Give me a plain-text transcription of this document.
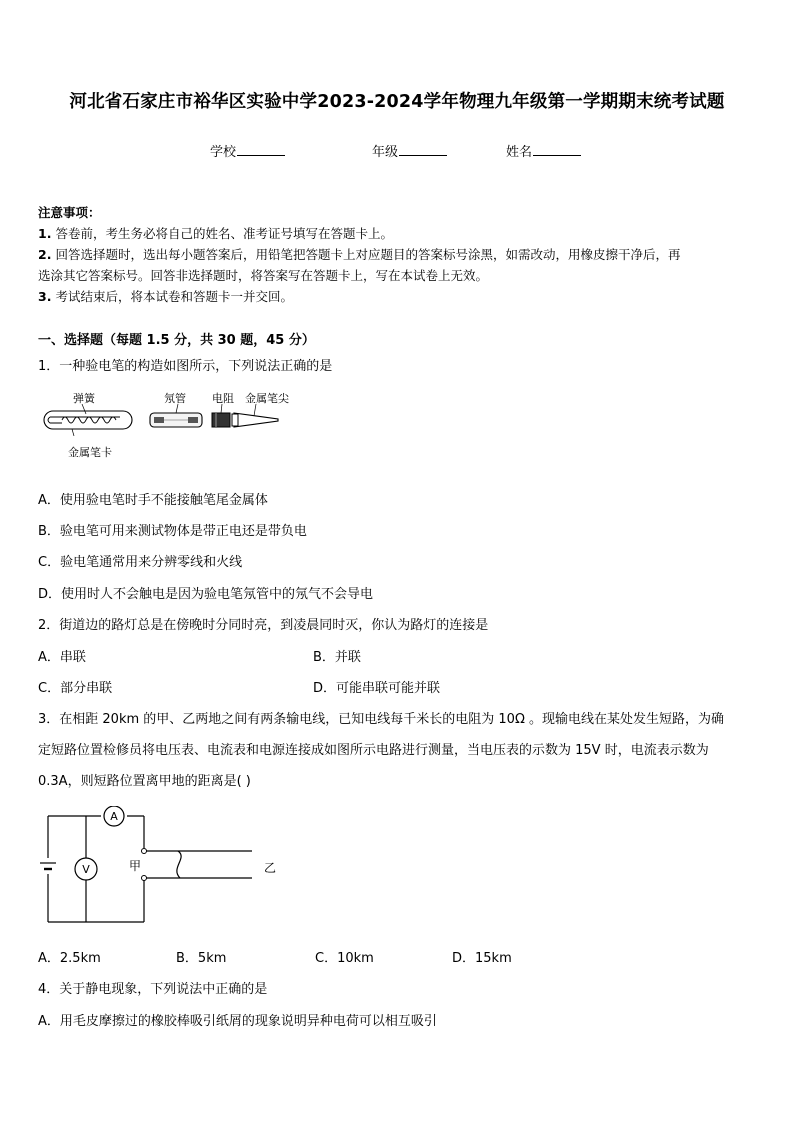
河北省石家庄市裕华区实验中学2023-2024学年物理九年级第一学期期末统考试题
学校	年级	姓名
注意事项：
1. 答卷前，考生务必将自己的姓名、准考证号填写在答题卡上。
2. 回答选择题时，选出每小题答案后，用铅笔把答题卡上对应题目的答案标号涂黑，如需改动，用橡皮擦干净后，再
选涂其它答案标号。回答非选择题时，将答案写在答题卡上，写在本试卷上无效。
3. 考试结束后，将本试卷和答题卡一并交回。
一、选择题（每题 1.5 分，共 30 题，45 分）
1．一种验电笔的构造如图所示，下列说法正确的是
弹簧	氖管 电阻 金属笔尖
金属笔卡
A．使用验电笔时手不能接触笔尾金属体
B．验电笔可用来测试物体是带正电还是带负电
C．验电笔通常用来分辨零线和火线
D．使用时人不会触电是因为验电笔氖管中的氖气不会导电
2．街道边的路灯总是在傍晚时分同时亮，到凌晨同时灭，你认为路灯的连接是
A．串联	B．并联
C．部分串联	D．可能串联可能并联
3．在相距 20km 的甲、乙两地之间有两条输电线，已知电线每千米长的电阻为 10Ω 。现输电线在某处发生短路，为确
定短路位置检修员将电压表、电流表和电源连接成如图所示电路进行测量，当电压表的示数为 15V 时，电流表示数为
0.3A，则短路位置离甲地的距离是( )
A
V	甲	乙
A．2.5km	B．5km	C．10km	D．15km
4．关于静电现象，下列说法中正确的是
A．用毛皮摩擦过的橡胶棒吸引纸屑的现象说明异种电荷可以相互吸引
